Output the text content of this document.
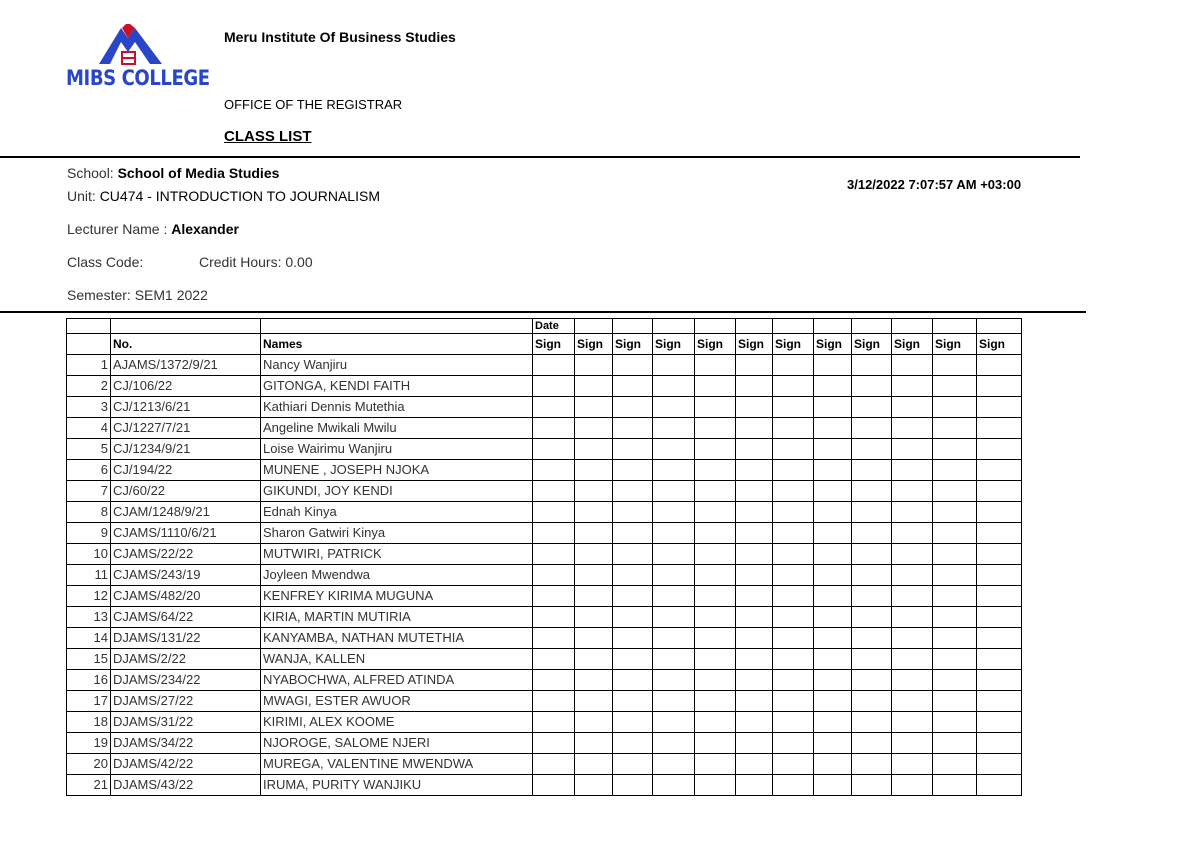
MIBS COLLEGE
Meru Institute Of Business Studies
OFFICE OF THE REGISTRAR
CLASS LIST
School: School of Media Studies
Unit: CU474 - INTRODUCTION TO JOURNALISM
3/12/2022 7:07:57 AM +03:00
Lecturer Name : Alexander
Class Code:	Credit Hours: 0.00
Semester: SEM1 2022
			Date											
	No.	Names	Sign	Sign	Sign	Sign	Sign	Sign	Sign	Sign	Sign	Sign	Sign	Sign
1	AJAMS/1372/9/21	Nancy Wanjiru												
2	CJ/106/22	GITONGA, KENDI FAITH												
3	CJ/1213/6/21	Kathiari Dennis Mutethia												
4	CJ/1227/7/21	Angeline Mwikali Mwilu												
5	CJ/1234/9/21	Loise Wairimu Wanjiru												
6	CJ/194/22	MUNENE , JOSEPH NJOKA												
7	CJ/60/22	GIKUNDI, JOY KENDI												
8	CJAM/1248/9/21	Ednah Kinya												
9	CJAMS/1110/6/21	Sharon Gatwiri Kinya												
10	CJAMS/22/22	MUTWIRI, PATRICK												
11	CJAMS/243/19	Joyleen Mwendwa												
12	CJAMS/482/20	KENFREY KIRIMA MUGUNA												
13	CJAMS/64/22	KIRIA, MARTIN MUTIRIA												
14	DJAMS/131/22	KANYAMBA, NATHAN MUTETHIA												
15	DJAMS/2/22	WANJA, KALLEN												
16	DJAMS/234/22	NYABOCHWA, ALFRED ATINDA												
17	DJAMS/27/22	MWAGI, ESTER AWUOR												
18	DJAMS/31/22	KIRIMI, ALEX KOOME												
19	DJAMS/34/22	NJOROGE, SALOME NJERI												
20	DJAMS/42/22	MUREGA, VALENTINE MWENDWA												
21	DJAMS/43/22	IRUMA, PURITY WANJIKU												
